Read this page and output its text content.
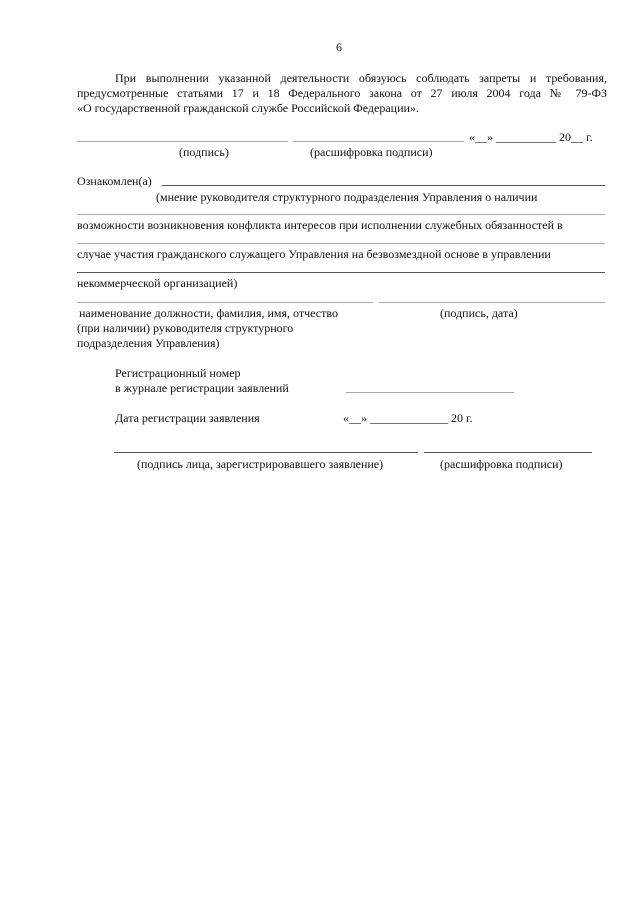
6
При выполнении указанной деятельности обязуюсь соблюдать запреты и требования,
предусмотренные статьями 17 и 18 Федерального закона от 27 июля 2004 года № 79-ФЗ
«О государственной гражданской службе Российской Федерации».
«__» __________ 20__ г.
(подпись)	(расшифровка подписи)
Ознакомлен(а)
(мнение руководителя структурного подразделения Управления о наличии
возможности возникновения конфликта интересов при исполнении служебных обязанностей в
случае участия гражданского служащего Управления на безвозмездной основе в управлении
некоммерческой организацией)
наименование должности, фамилия, имя, отчество	(подпись, дата)
(при наличии) руководителя структурного
подразделения Управления)
Регистрационный номер
в журнале регистрации заявлений
Дата регистрации заявления	«__» _____________ 20 г.
(подпись лица, зарегистрировавшего заявление)	(расшифровка подписи)
